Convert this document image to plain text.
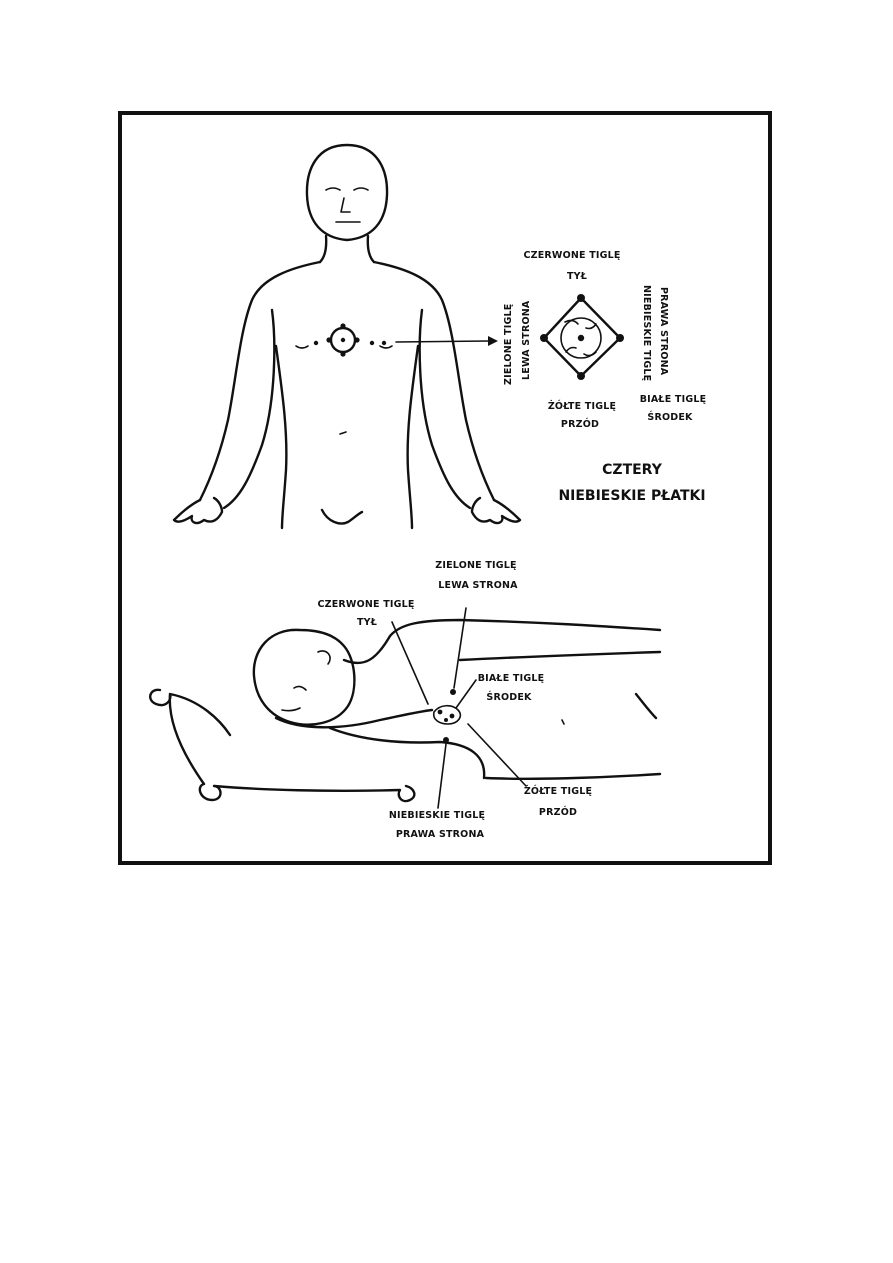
CZERWONE TIGLĘ
TYŁ
ZIELONE TIGLĘ LEWA STRONA	NIEBIESKIE TIGLĘ PRAWA STRONA
ŻÓŁTE TIGLĘ
PRZÓD
BIAŁE TIGLĘ
ŚRODEK
CZTERY
NIEBIESKIE PŁATKI
ZIELONE TIGLĘ
LEWA STRONA
CZERWONE TIGLĘ
TYŁ
BIAŁE TIGLĘ
ŚRODEK
ŻÓŁTE TIGLĘ
PRZÓD
NIEBIESKIE TIGLĘ
PRAWA STRONA
